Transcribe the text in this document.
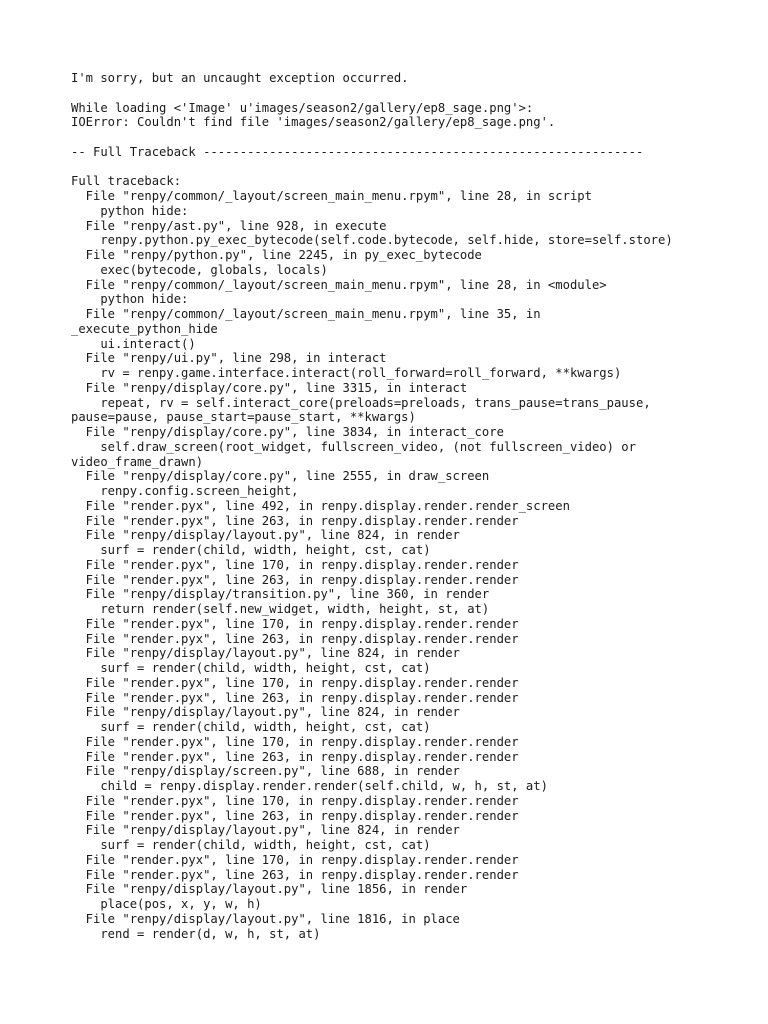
I'm sorry, but an uncaught exception occurred.
While loading <'Image' u'images/season2/gallery/ep8_sage.png'>:
IOError: Couldn't find file 'images/season2/gallery/ep8_sage.png'.
-- Full Traceback ------------------------------------------------------------
Full traceback:
File "renpy/common/_layout/screen_main_menu.rpym", line 28, in script
python hide:
File "renpy/ast.py", line 928, in execute
renpy.python.py_exec_bytecode(self.code.bytecode, self.hide, store=self.store)
File "renpy/python.py", line 2245, in py_exec_bytecode
exec(bytecode, globals, locals)
File "renpy/common/_layout/screen_main_menu.rpym", line 28, in <module>
python hide:
File "renpy/common/_layout/screen_main_menu.rpym", line 35, in
_execute_python_hide
ui.interact()
File "renpy/ui.py", line 298, in interact
rv = renpy.game.interface.interact(roll_forward=roll_forward, **kwargs)
File "renpy/display/core.py", line 3315, in interact
repeat, rv = self.interact_core(preloads=preloads, trans_pause=trans_pause,
pause=pause, pause_start=pause_start, **kwargs)
File "renpy/display/core.py", line 3834, in interact_core
self.draw_screen(root_widget, fullscreen_video, (not fullscreen_video) or
video_frame_drawn)
File "renpy/display/core.py", line 2555, in draw_screen
renpy.config.screen_height,
File "render.pyx", line 492, in renpy.display.render.render_screen
File "render.pyx", line 263, in renpy.display.render.render
File "renpy/display/layout.py", line 824, in render
surf = render(child, width, height, cst, cat)
File "render.pyx", line 170, in renpy.display.render.render
File "render.pyx", line 263, in renpy.display.render.render
File "renpy/display/transition.py", line 360, in render
return render(self.new_widget, width, height, st, at)
File "render.pyx", line 170, in renpy.display.render.render
File "render.pyx", line 263, in renpy.display.render.render
File "renpy/display/layout.py", line 824, in render
surf = render(child, width, height, cst, cat)
File "render.pyx", line 170, in renpy.display.render.render
File "render.pyx", line 263, in renpy.display.render.render
File "renpy/display/layout.py", line 824, in render
surf = render(child, width, height, cst, cat)
File "render.pyx", line 170, in renpy.display.render.render
File "render.pyx", line 263, in renpy.display.render.render
File "renpy/display/screen.py", line 688, in render
child = renpy.display.render.render(self.child, w, h, st, at)
File "render.pyx", line 170, in renpy.display.render.render
File "render.pyx", line 263, in renpy.display.render.render
File "renpy/display/layout.py", line 824, in render
surf = render(child, width, height, cst, cat)
File "render.pyx", line 170, in renpy.display.render.render
File "render.pyx", line 263, in renpy.display.render.render
File "renpy/display/layout.py", line 1856, in render
place(pos, x, y, w, h)
File "renpy/display/layout.py", line 1816, in place
rend = render(d, w, h, st, at)
